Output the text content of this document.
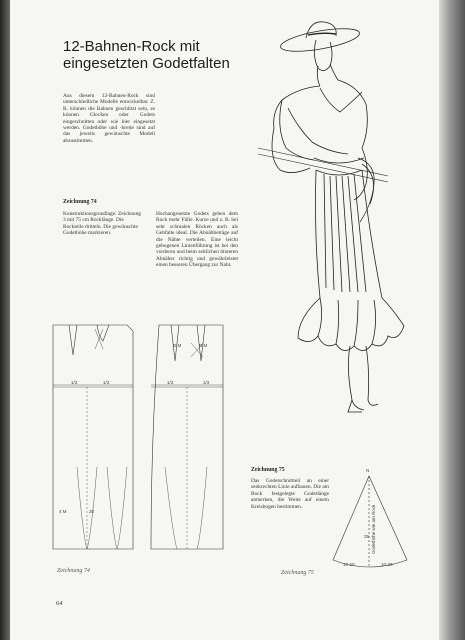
12-Bahnen-Rock mit
eingesetzten Godetfalten

Aus diesem 12-Bahnen-Rock sind unterschiedliche Modelle entwickelbar. Z. B. können die Bahnen geschlitzt sein, es können Glocken oder Godets eingeschnitten oder wie hier eingesetzt werden. Godethöhe und -breite sind auf das jeweils gewünschte Modell abzustimmen.

Zeichnung 74

Konstruktionsgrundlage: Zeichnung 3 mit 75 cm Rocklänge. Die Rockteile dritteln. Die gewünschte Godethöhe markieren.

Hochangesetzte Godets geben dem Rock mehr Fülle. Kurze und z. B. bei sehr schmalen Röcken auch als Gehfalte ideal. Die Abnähbeträge auf die Nähte verteilen. Eine leicht gebogenen Linienführung ist bei den vorderen und beim seitlichen hinteren Abnäher richtig und gewährleistet einen besseren Übergang zur Naht.

1/3	1/3	1/3	1/3
20
4 M
D M	D M

Zeichnung 74

Zeichnung 75

Das Godetschnittteil an einer senkrechten Linie aufbauen. Die am Rock festgelegte Godetlänge anmerken, die Weite auf einem Kreisbogen bestimmen.

N
Godethöhe wie am Rock
35
10-20	10-20

Zeichnung 75

64
